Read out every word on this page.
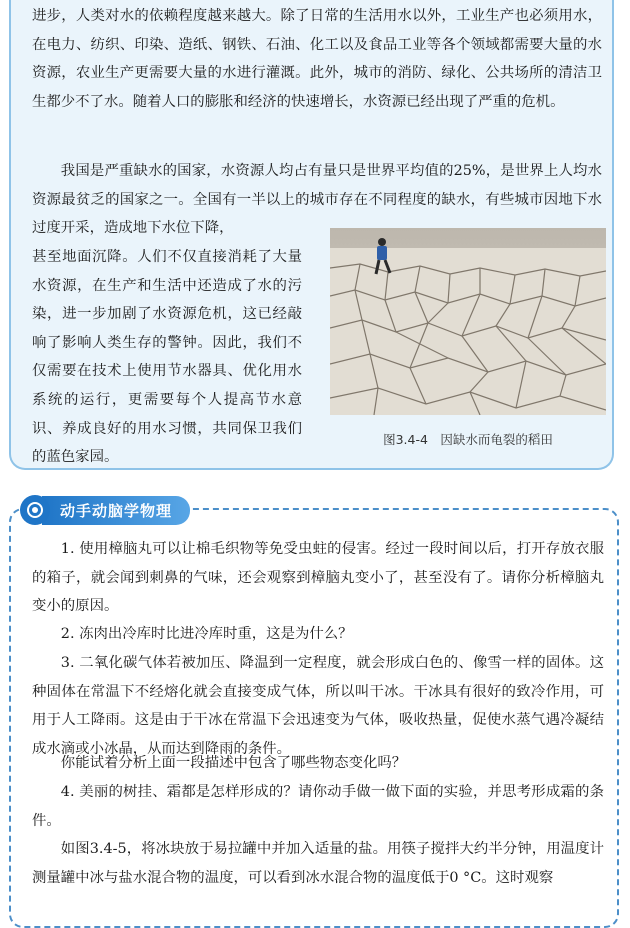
进步，人类对水的依赖程度越来越大。除了日常的生活用水以外，工业生产也必须用水，在电力、纺织、印染、造纸、钢铁、石油、化工以及食品工业等各个领域都需要大量的水资源，农业生产更需要大量的水进行灌溉。此外，城市的消防、绿化、公共场所的清洁卫生都少不了水。随着人口的膨胀和经济的快速增长，水资源已经出现了严重的危机。

我国是严重缺水的国家，水资源人均占有量只是世界平均值的25%，是世界上人均水资源最贫乏的国家之一。全国有一半以上的城市存在不同程度的缺水，有些城市因地下水过度开采，造成地下水位下降，

甚至地面沉降。人们不仅直接消耗了大量水资源，在生产和生活中还造成了水的污染，进一步加剧了水资源危机，这已经敲响了影响人类生存的警钟。因此，我们不仅需要在技术上使用节水器具、优化用水系统的运行，更需要每个人提高节水意识、养成良好的用水习惯，共同保卫我们的蓝色家园。

图3.4-4　因缺水而龟裂的稻田

动手动脑学物理

1. 使用樟脑丸可以让棉毛织物等免受虫蛀的侵害。经过一段时间以后，打开存放衣服的箱子，就会闻到刺鼻的气味，还会观察到樟脑丸变小了，甚至没有了。请你分析樟脑丸变小的原因。

2. 冻肉出冷库时比进冷库时重，这是为什么？

3. 二氧化碳气体若被加压、降温到一定程度，就会形成白色的、像雪一样的固体。这种固体在常温下不经熔化就会直接变成气体，所以叫干冰。干冰具有很好的致冷作用，可用于人工降雨。这是由于干冰在常温下会迅速变为气体，吸收热量，促使水蒸气遇冷凝结成水滴或小冰晶，从而达到降雨的条件。

你能试着分析上面一段描述中包含了哪些物态变化吗？

4. 美丽的树挂、霜都是怎样形成的？请你动手做一做下面的实验，并思考形成霜的条件。

如图3.4-5，将冰块放于易拉罐中并加入适量的盐。用筷子搅拌大约半分钟，用温度计测量罐中冰与盐水混合物的温度，可以看到冰水混合物的温度低于0 °C。这时观察
